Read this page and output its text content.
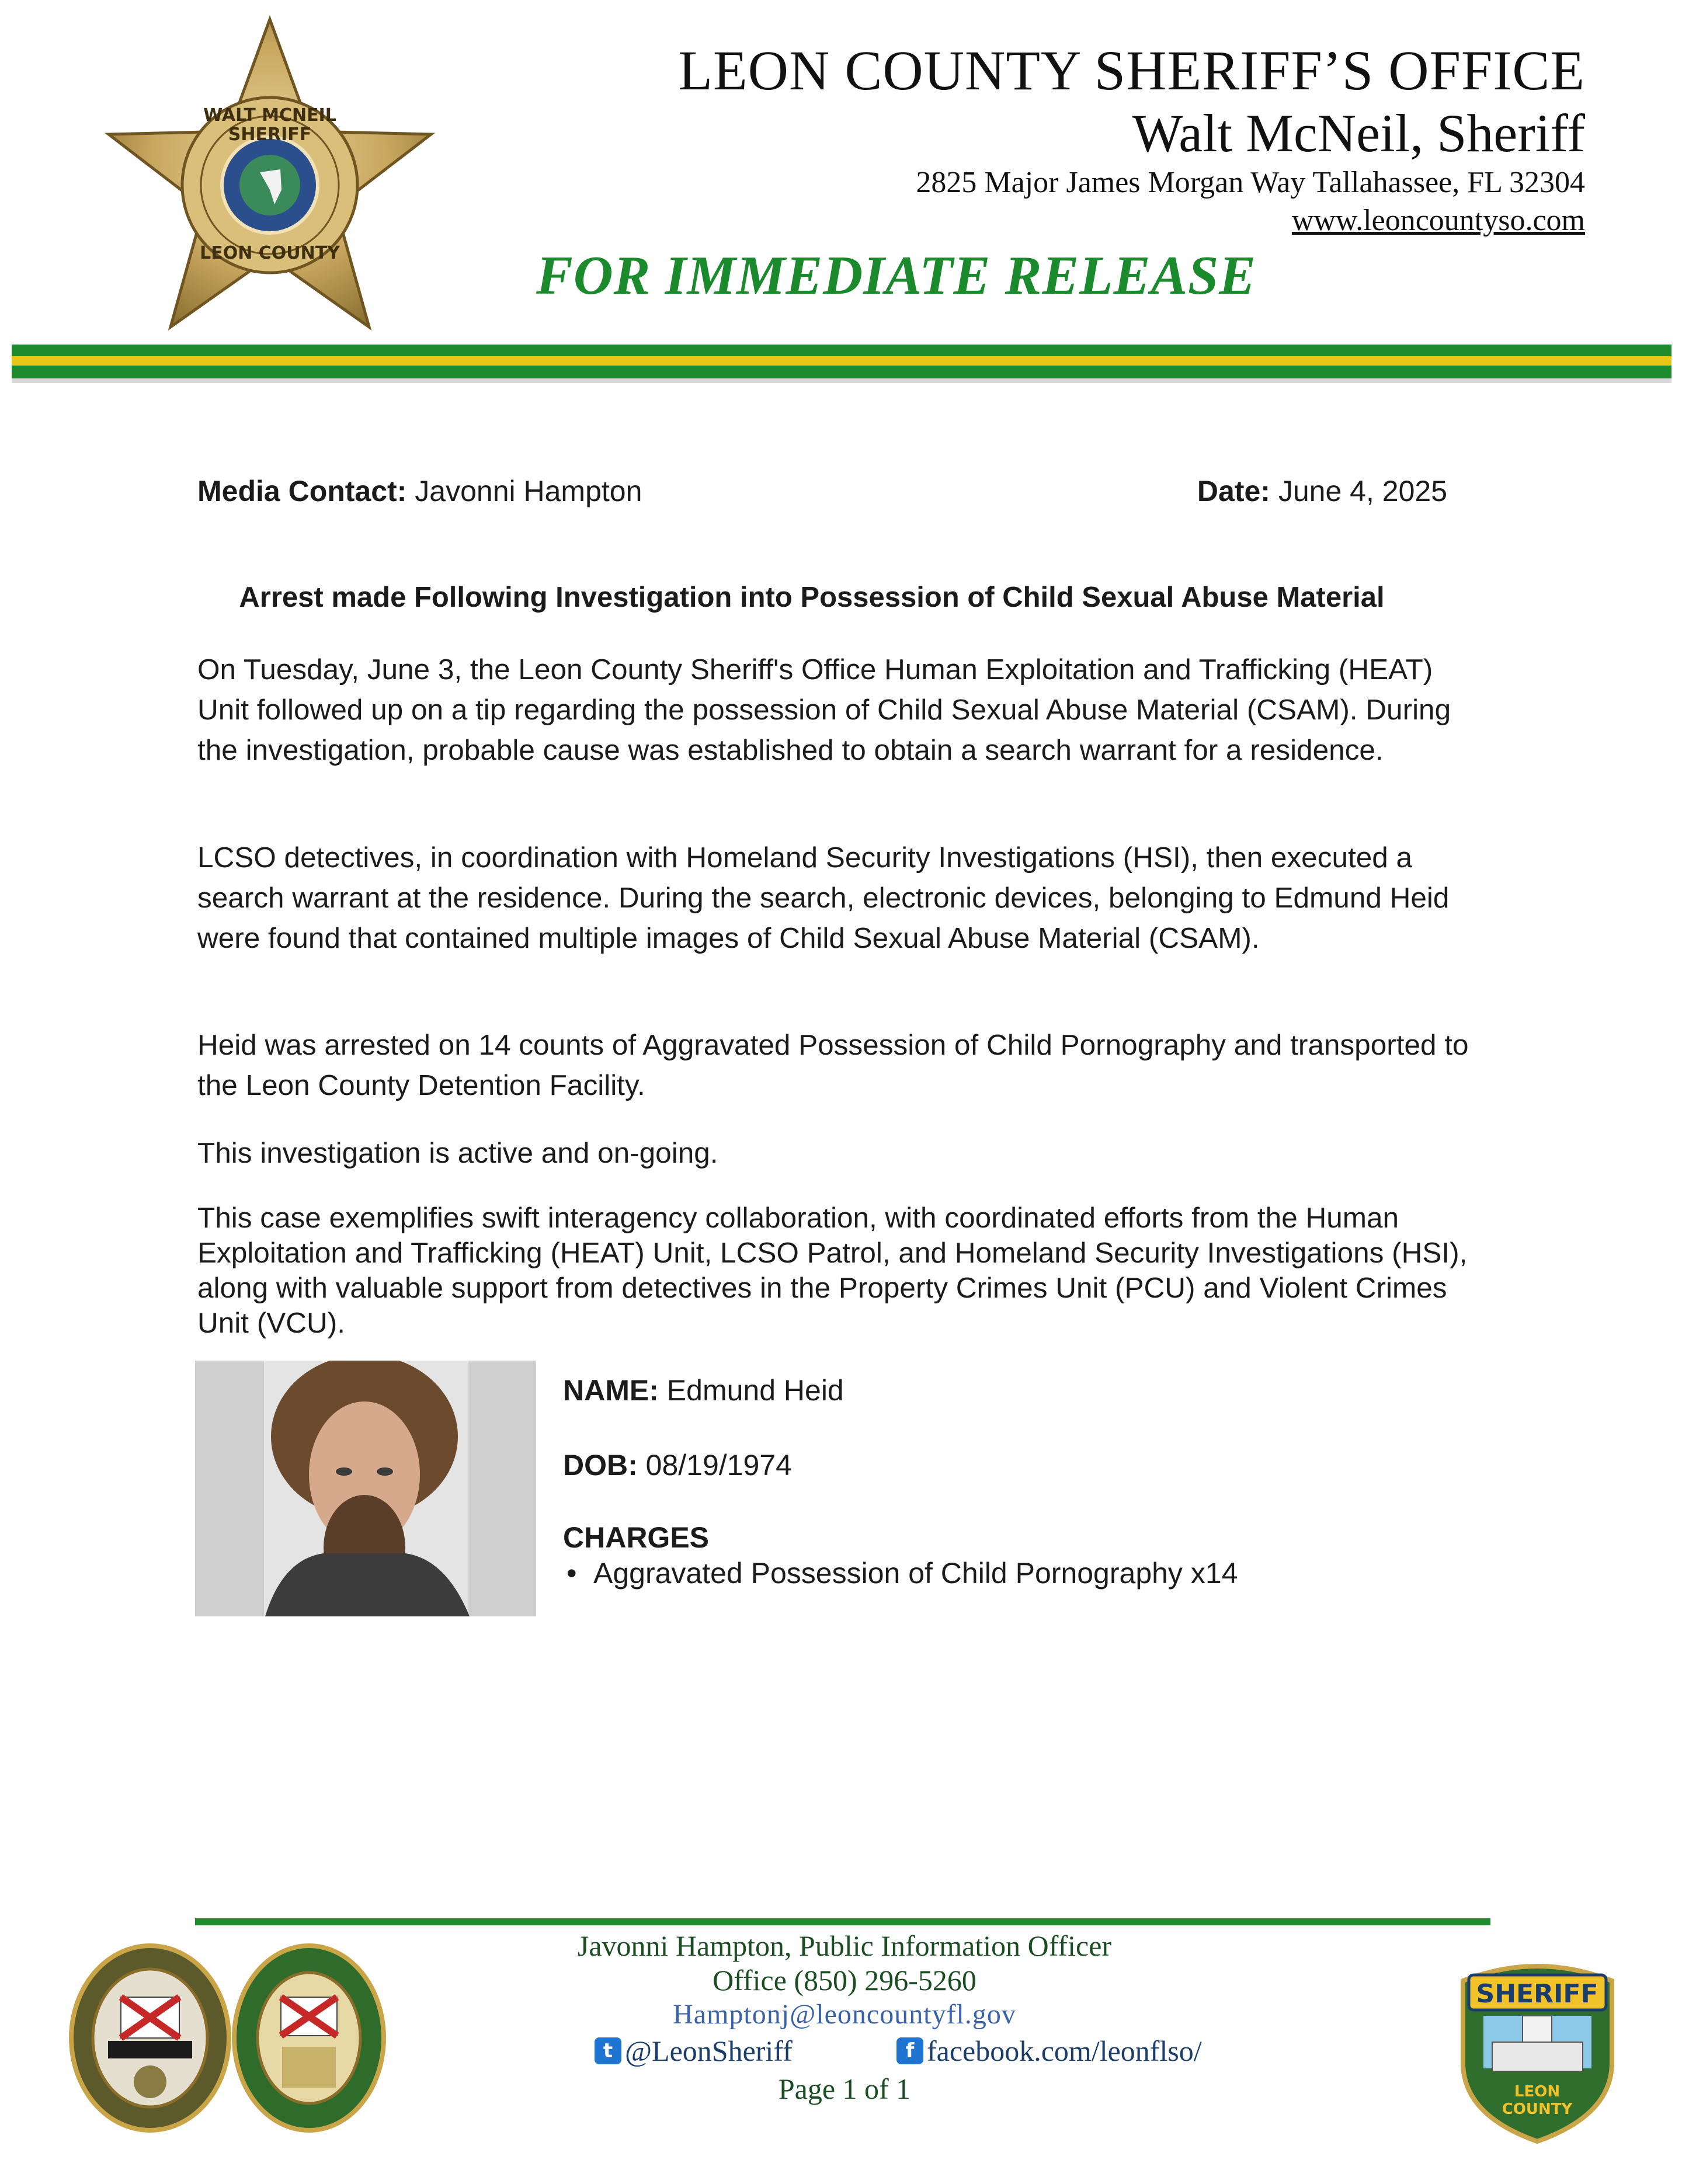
WALT MCNEIL
SHERIFF
LEON COUNTY
LEON COUNTY SHERIFF’S OFFICE
Walt McNeil, Sheriff
2825 Major James Morgan Way Tallahassee, FL 32304
www.leoncountyso.com
FOR IMMEDIATE RELEASE
Media Contact: Javonni Hampton	Date: June 4, 2025
Arrest made Following Investigation into Possession of Child Sexual Abuse Material
On Tuesday, June 3, the Leon County Sheriff's Office Human Exploitation and Trafficking (HEAT) Unit followed up on a tip regarding the possession of Child Sexual Abuse Material (CSAM). During the investigation, probable cause was established to obtain a search warrant for a residence.
LCSO detectives, in coordination with Homeland Security Investigations (HSI), then executed a search warrant at the residence. During the search, electronic devices, belonging to Edmund Heid were found that contained multiple images of Child Sexual Abuse Material (CSAM).
Heid was arrested on 14 counts of Aggravated Possession of Child Pornography and transported to the Leon County Detention Facility.
This investigation is active and on-going.
This case exemplifies swift interagency collaboration, with coordinated efforts from the Human Exploitation and Trafficking (HEAT) Unit, LCSO Patrol, and Homeland Security Investigations (HSI), along with valuable support from detectives in the Property Crimes Unit (PCU) and Violent Crimes Unit (VCU).
NAME: Edmund Heid
DOB: 08/19/1974
CHARGES
• Aggravated Possession of Child Pornography x14
Javonni Hampton, Public Information Officer
Office (850) 296-5260
Hamptonj@leoncountyfl.gov
t @LeonSheriff	f facebook.com/leonflso/
Page 1 of 1
SHERIFF
LEON
COUNTY
